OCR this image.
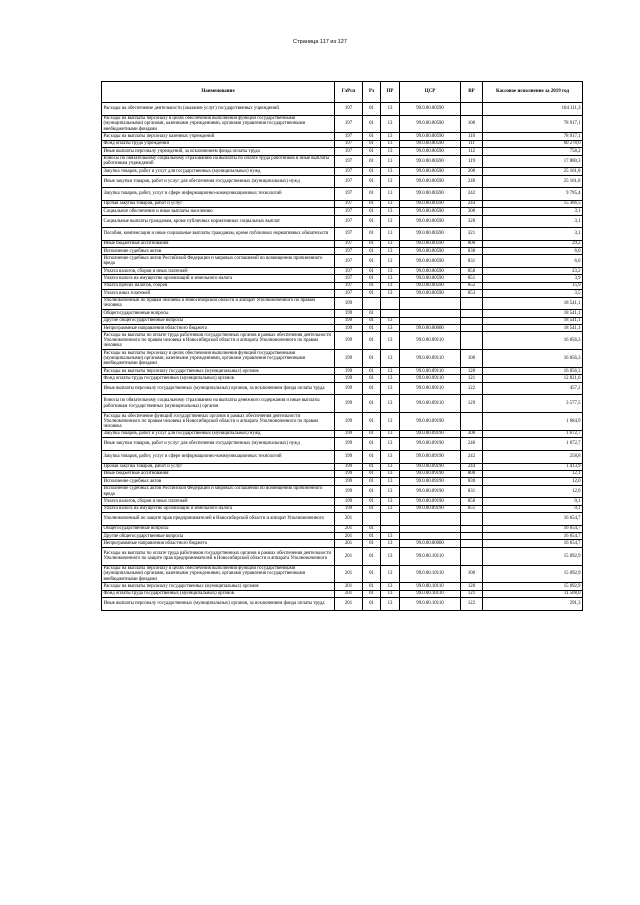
Страница 117 из 127
Наименование	ГлРсп	Рз	ПР	ЦСР	ВР	Кассовое исполнение за 2019 год
Расходы на обеспечение деятельности (оказание услуг) государственных учреждений	197	01	13	99.0.00.00590		104 111,3
Расходы на выплаты персоналу в целях обеспечения выполнения функций государственными (муниципальными) органами, казенными учреждениями, органами управления государственными внебюджетными фондами	197	01	13	99.0.00.00590	100	78 917,1
Расходы на выплаты персоналу казенных учреждений	197	01	13	99.0.00.00590	110	78 917,1
Фонд оплаты труда учреждений	197	01	13	99.0.00.00590	111	60 278,6
Иные выплаты персоналу учреждений, за исключением фонда оплаты труда	197	01	13	99.0.00.00590	112	758,2
Взносы по обязательному социальному страхованию на выплаты по оплате труда работников и иные выплаты работникам учреждений	197	01	13	99.0.00.00590	119	17 880,3
Закупка товаров, работ и услуг для государственных (муниципальных) нужд	197	01	13	99.0.00.00590	200	25 161,8
Иные закупки товаров, работ и услуг для обеспечения государственных (муниципальных) нужд	197	01	13	99.0.00.00590	240	25 161,8
Закупка товаров, работ, услуг в сфере информационно-коммуникационных технологий	197	01	13	99.0.00.00590	242	9 795,4
Прочая закупка товаров, работ и услуг	197	01	13	99.0.00.00590	244	15 366,5
Социальное обеспечение и иные выплаты населению	197	01	13	99.0.00.00590	300	3,1
Социальные выплаты гражданам, кроме публичных нормативных социальных выплат	197	01	13	99.0.00.00590	320	3,1
Пособия, компенсации и иные социальные выплаты гражданам, кроме публичных нормативных обязательств	197	01	13	99.0.00.00590	321	3,1
Иные бюджетные ассигнования	197	01	13	99.0.00.00590	800	29,2
Исполнение судебных актов	197	01	13	99.0.00.00590	830	6,0
Исполнение судебных актов Российской Федерации и мировых соглашений по возмещению причиненного вреда	197	01	13	99.0.00.00590	831	6,0
Уплата налогов, сборов и иных платежей	197	01	13	99.0.00.00590	850	23,2
Уплата налога на имущество организаций и земельного налога	197	01	13	99.0.00.00590	851	3,9
Уплата прочих налогов, сборов	197	01	13	99.0.00.00590	852	15,9
Уплата иных платежей	197	01	13	99.0.00.00590	853	3,5
Уполномоченный по правам человека в Новосибирской области и аппарат Уполномоченного по правам человека	199					18 541,1
Общегосударственные вопросы	199	01				18 541,1
Другие общегосударственные вопросы	199	01	13			18 541,1
Непрограммные направления областного бюджета	199	01	13	99.0.00.00000		18 541,1
Расходы на выплаты по оплате труда работников государственных органов в рамках обеспечения деятельности Уполномоченного по правам человека в Новосибирской области и аппарата Уполномоченного по правам человека	199	01	13	99.0.00.09110		16 856,3
Расходы на выплаты персоналу в целях обеспечения выполнения функций государственными (муниципальными) органами, казенными учреждениями, органами управления государственными внебюджетными фондами	199	01	13	99.0.00.09110	100	16 856,3
Расходы на выплаты персоналу государственных (муниципальных) органов	199	01	13	99.0.00.09110	120	16 856,3
Фонд оплаты труда государственных (муниципальных) органов	199	01	13	99.0.00.09110	121	12 821,6
Иные выплаты персоналу государственных (муниципальных) органов, за исключением фонда оплаты труда	199	01	13	99.0.00.09110	122	457,2
Взносы по обязательному социальному страхованию на выплаты денежного содержания и иные выплаты работникам государственных (муниципальных) органов	199	01	13	99.0.00.09110	129	3 577,5
Расходы на обеспечение функций государственных органов в рамках обеспечения деятельности Уполномоченного по правам человека в Новосибирской области и аппарата Уполномоченного по правам человека	199	01	13	99.0.00.09190		1 684,9
Закупка товаров, работ и услуг для государственных (муниципальных) нужд	199	01	13	99.0.00.09190	200	1 672,7
Иные закупки товаров, работ и услуг для обеспечения государственных (муниципальных) нужд	199	01	13	99.0.00.09190	240	1 672,7
Закупка товаров, работ, услуг в сфере информационно-коммуникационных технологий	199	01	13	99.0.00.09190	242	258,8
Прочая закупка товаров, работ и услуг	199	01	13	99.0.00.09190	244	1 413,9
Иные бюджетные ассигнования	199	01	13	99.0.00.09190	800	12,1
Исполнение судебных актов	199	01	13	99.0.00.09190	830	12,0
Исполнение судебных актов Российской Федерации и мировых соглашений по возмещению причиненного вреда	199	01	13	99.0.00.09190	831	12,0
Уплата налогов, сборов и иных платежей	199	01	13	99.0.00.09190	850	0,1
Уплата налога на имущество организаций и земельного налога	199	01	13	99.0.00.09190	851	0,1
Уполномоченный по защите прав предпринимателей в Новосибирской области и аппарат Уполномоченного	201					16 654,7
Общегосударственные вопросы	201	01				16 654,7
Другие общегосударственные вопросы	201	01	13			16 654,7
Непрограммные направления областного бюджета	201	01	13	99.0.00.00000		16 654,7
Расходы на выплаты по оплате труда работников государственных органов в рамках обеспечения деятельности Уполномоченного по защите прав предпринимателей в Новосибирской области и аппарата Уполномоченного	201	01	13	99.0.00.10110		15 092,9
Расходы на выплаты персоналу в целях обеспечения выполнения функций государственными (муниципальными) органами, казенными учреждениями, органами управления государственными внебюджетными фондами	201	01	13	99.0.00.10110	100	15 092,9
Расходы на выплаты персоналу государственных (муниципальных) органов	201	01	13	99.0.00.10110	120	15 092,9
Фонд оплаты труда государственных (муниципальных) органов	201	01	13	99.0.00.10110	121	11 508,0
Иные выплаты персоналу государственных (муниципальных) органов, за исключением фонда оплаты труда	201	01	13	99.0.00.10110	122	291,3
